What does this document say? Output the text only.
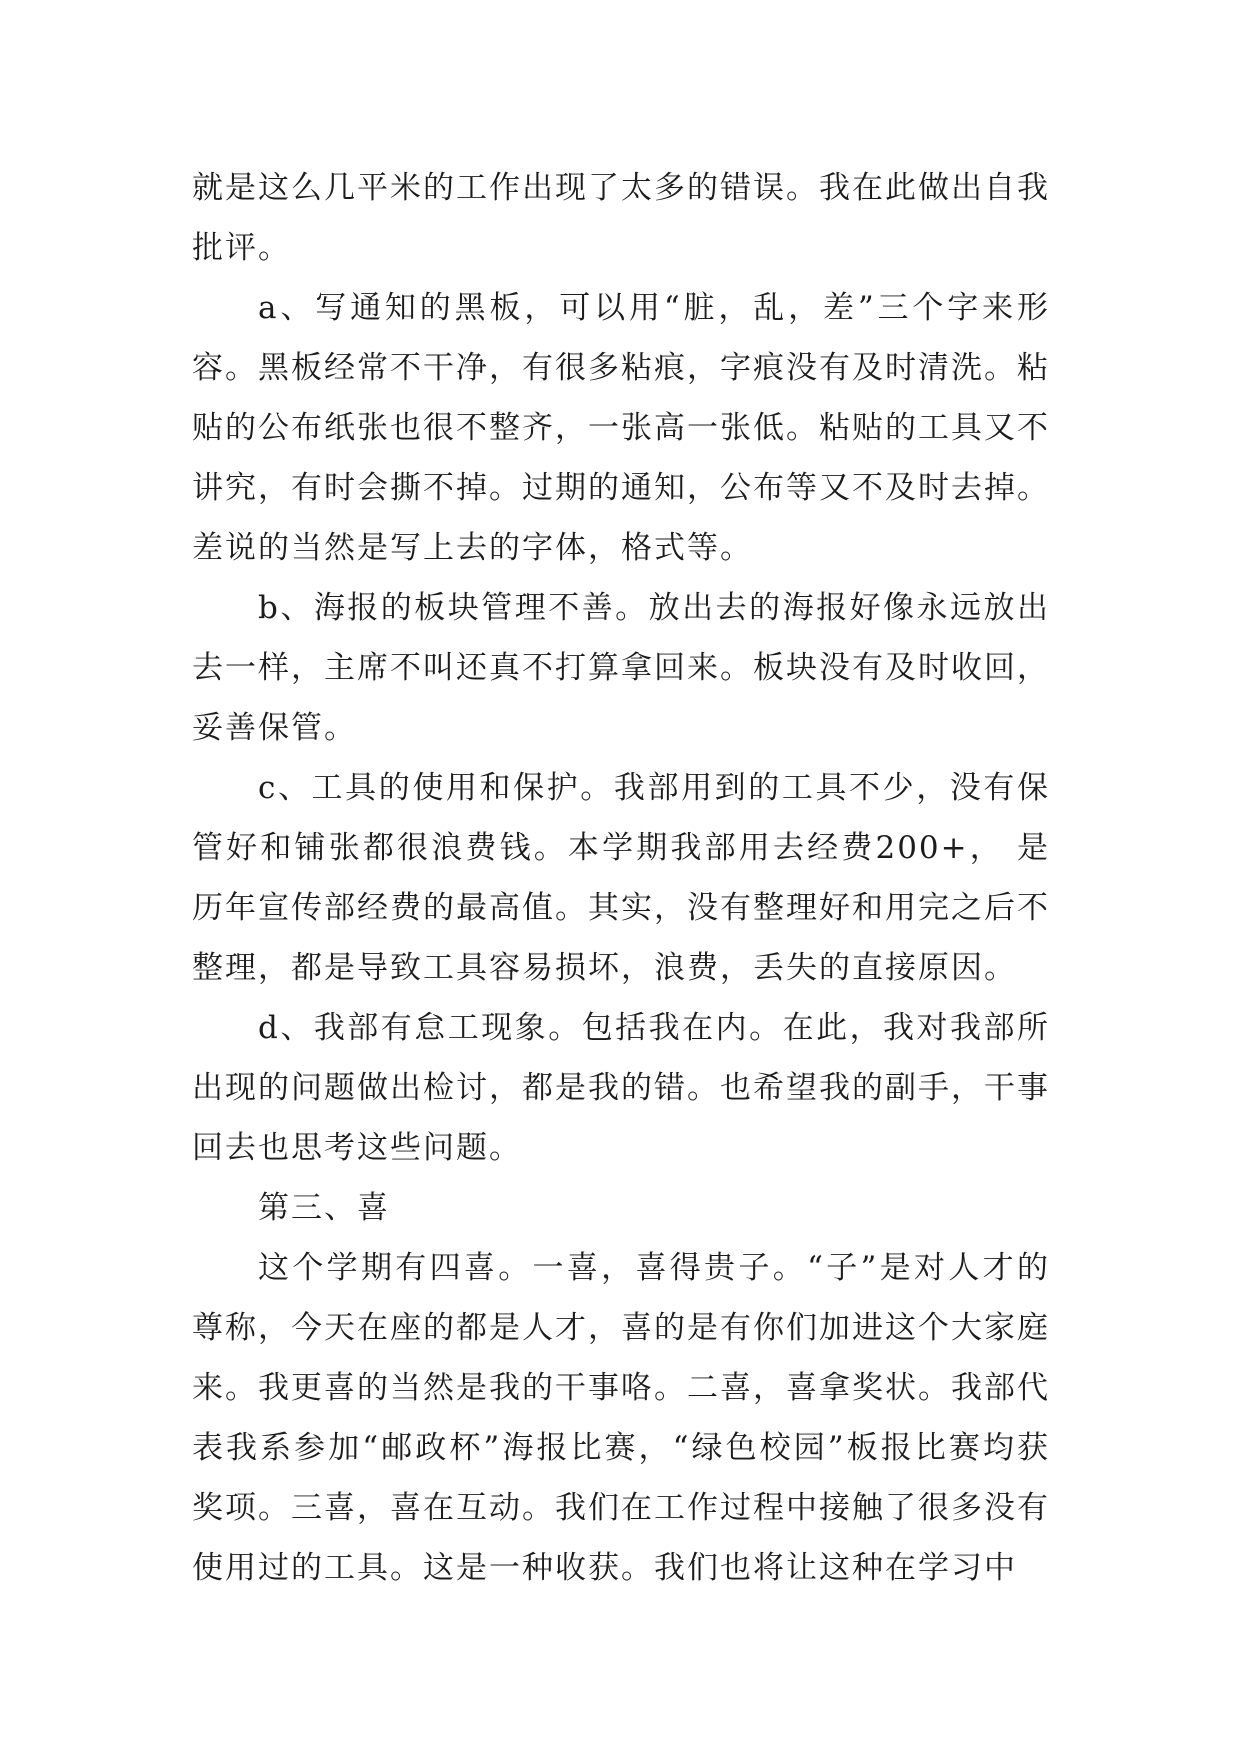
就是这么几平米的工作出现了太多的错误。我在此做出自我批评。

a、写通知的黑板，可以用“脏，乱，差”三个字来形容。黑板经常不干净，有很多粘痕，字痕没有及时清洗。粘贴的公布纸张也很不整齐，一张高一张低。粘贴的工具又不讲究，有时会撕不掉。过期的通知，公布等又不及时去掉。差说的当然是写上去的字体，格式等。

b、海报的板块管理不善。放出去的海报好像永远放出去一样，主席不叫还真不打算拿回来。板块没有及时收回，妥善保管。

c、工具的使用和保护。我部用到的工具不少，没有保管好和铺张都很浪费钱。本学期我部用去经费200+， 是历年宣传部经费的最高值。其实，没有整理好和用完之后不整理，都是导致工具容易损坏，浪费，丢失的直接原因。

d、我部有怠工现象。包括我在内。在此，我对我部所出现的问题做出检讨，都是我的错。也希望我的副手，干事回去也思考这些问题。

第三、喜

这个学期有四喜。一喜，喜得贵子。“子”是对人才的尊称，今天在座的都是人才，喜的是有你们加进这个大家庭来。我更喜的当然是我的干事咯。二喜，喜拿奖状。我部代表我系参加“邮政杯”海报比赛，“绿色校园”板报比赛均获奖项。三喜，喜在互动。我们在工作过程中接触了很多没有使用过的工具。这是一种收获。我们也将让这种在学习中
